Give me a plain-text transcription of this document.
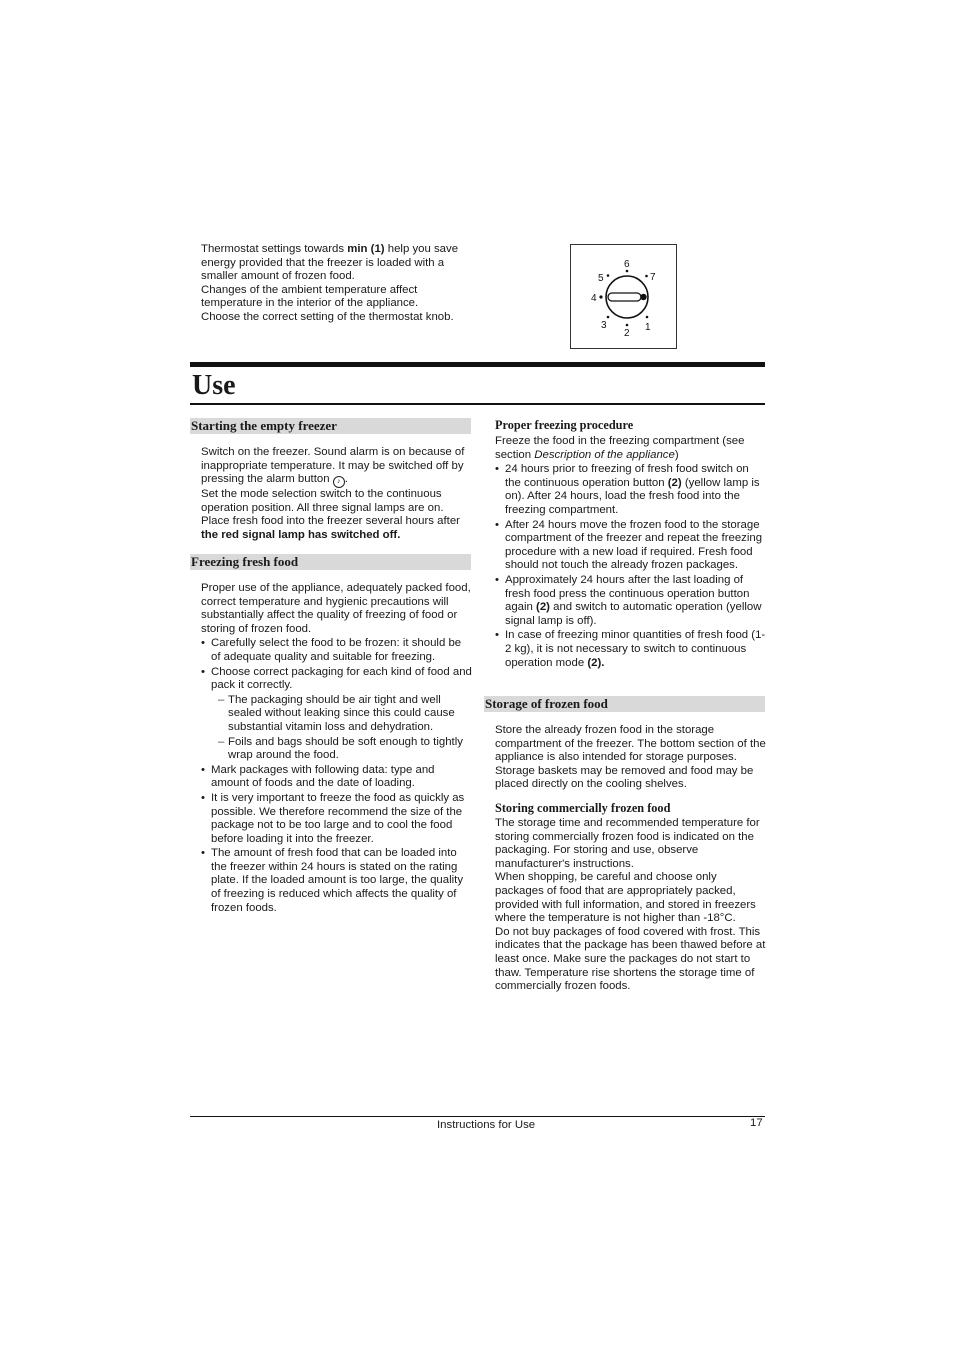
Thermostat settings towards min (1) help you save energy provided that the freezer is loaded with a smaller amount of frozen food.

Changes of the ambient temperature affect temperature in the interior of the appliance.

Choose the correct setting of the thermostat knob.

6
5	7
4
3
2
1
Use
Starting the empty freezer

Switch on the freezer. Sound alarm is on because of inappropriate temperature. It may be switched off by pressing the alarm button ♪ .

Set the mode selection switch to the continuous operation position. All three signal lamps are on.

Place fresh food into the freezer several hours after the red signal lamp has switched off.

Freezing fresh food

Proper use of the appliance, adequately packed food, correct temperature and hygienic precautions will substantially affect the quality of freezing of food or storing of frozen food.

• Carefully select the food to be frozen: it should be of adequate quality and suitable for freezing.
• Choose correct packaging for each kind of food and pack it correctly.
– The packaging should be air tight and well sealed without leaking since this could cause substantial vitamin loss and dehydration.
– Foils and bags should be soft enough to tightly wrap around the food.
• Mark packages with following data: type and amount of foods and the date of loading.
• It is very important to freeze the food as quickly as possible. We therefore recommend the size of the package not to be too large and to cool the food before loading it into the freezer.
• The amount of fresh food that can be loaded into the freezer within 24 hours is stated on the rating plate. If the loaded amount is too large, the quality of freezing is reduced which affects the quality of frozen foods.
Proper freezing procedure

Freeze the food in the freezing compartment (see section Description of the appliance)

• 24 hours prior to freezing of fresh food switch on the continuous operation button (2) (yellow lamp is on). After 24 hours, load the fresh food into the freezing compartment.
• After 24 hours move the frozen food to the storage compartment of the freezer and repeat the freezing procedure with a new load if required. Fresh food should not touch the already frozen packages.
• Approximately 24 hours after the last loading of fresh food press the continuous operation button again (2) and switch to automatic operation (yellow signal lamp is off).
• In case of freezing minor quantities of fresh food (1-2 kg), it is not necessary to switch to continuous operation mode (2).
Storage of frozen food

Store the already frozen food in the storage compartment of the freezer. The bottom section of the appliance is also intended for storage purposes. Storage baskets may be removed and food may be placed directly on the cooling shelves.

Storing commercially frozen food

The storage time and recommended temperature for storing commercially frozen food is indicated on the packaging. For storing and use, observe manufacturer's instructions.

When shopping, be careful and choose only packages of food that are appropriately packed, provided with full information, and stored in freezers where the temperature is not higher than -18°C.

Do not buy packages of food covered with frost. This indicates that the package has been thawed before at least once. Make sure the packages do not start to thaw. Temperature rise shortens the storage time of commercially frozen foods.

Instructions for Use	17
